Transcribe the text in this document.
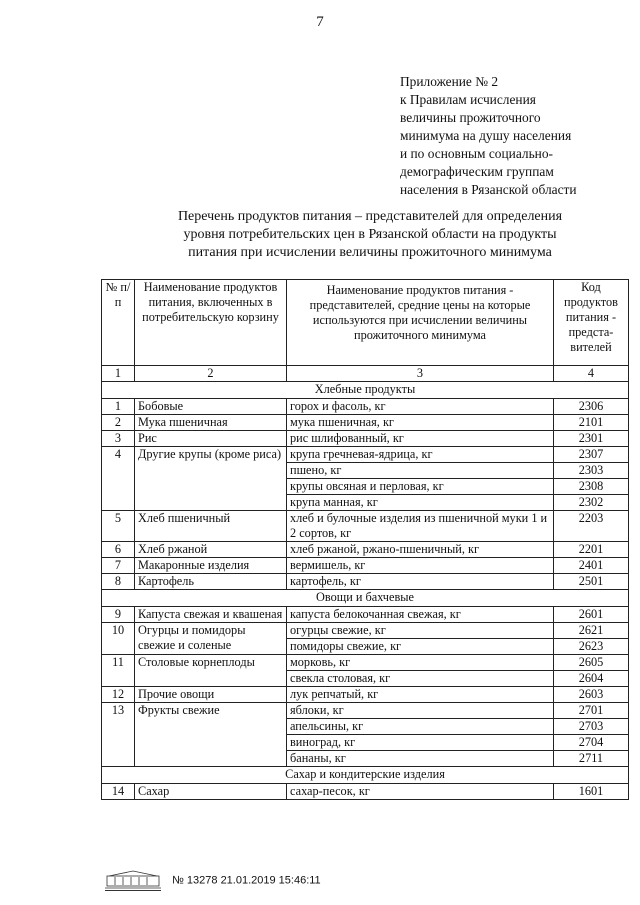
7
Приложение № 2
к Правилам исчисления
величины прожиточного
минимума на душу населения
и по основным социально-
демографическим группам
населения в Рязанской области
Перечень продуктов питания – представителей для определения
уровня потребительских цен в Рязанской области на продукты
питания при исчислении величины прожиточного минимума
№ п/п	Наименование продуктов питания, включенных в потребительскую корзину	Наименование продуктов питания - представителей, средние цены на которые используются при исчислении величины прожиточного минимума	Код продуктов питания - предста-вителей
1	2	3	4
Хлебные продукты			
1	Бобовые	горох и фасоль, кг	2306
2	Мука пшеничная	мука пшеничная, кг	2101
3	Рис	рис шлифованный, кг	2301
4	Другие крупы (кроме риса)	крупа гречневая-ядрица, кг	2307
		пшено, кг	2303
		крупы овсяная и перловая, кг	2308
		крупа манная, кг	2302
5	Хлеб пшеничный	хлеб и булочные изделия из пшеничной муки 1 и 2 сортов, кг	2203
6	Хлеб ржаной	хлеб ржаной, ржано-пшеничный, кг	2201
7	Макаронные изделия	вермишель, кг	2401
8	Картофель	картофель, кг	2501
Овощи и бахчевые			
9	Капуста свежая и квашеная	капуста белокочанная свежая, кг	2601
10	Огурцы и помидоры свежие и соленые	огурцы свежие, кг	2621
		помидоры свежие, кг	2623
11	Столовые корнеплоды	морковь, кг	2605
		свекла столовая, кг	2604
12	Прочие овощи	лук репчатый, кг	2603
13	Фрукты свежие	яблоки, кг	2701
		апельсины, кг	2703
		виноград, кг	2704
		бананы, кг	2711
Сахар и кондитерские изделия			
14	Сахар	сахар-песок, кг	1601
№ 13278 21.01.2019 15:46:11
